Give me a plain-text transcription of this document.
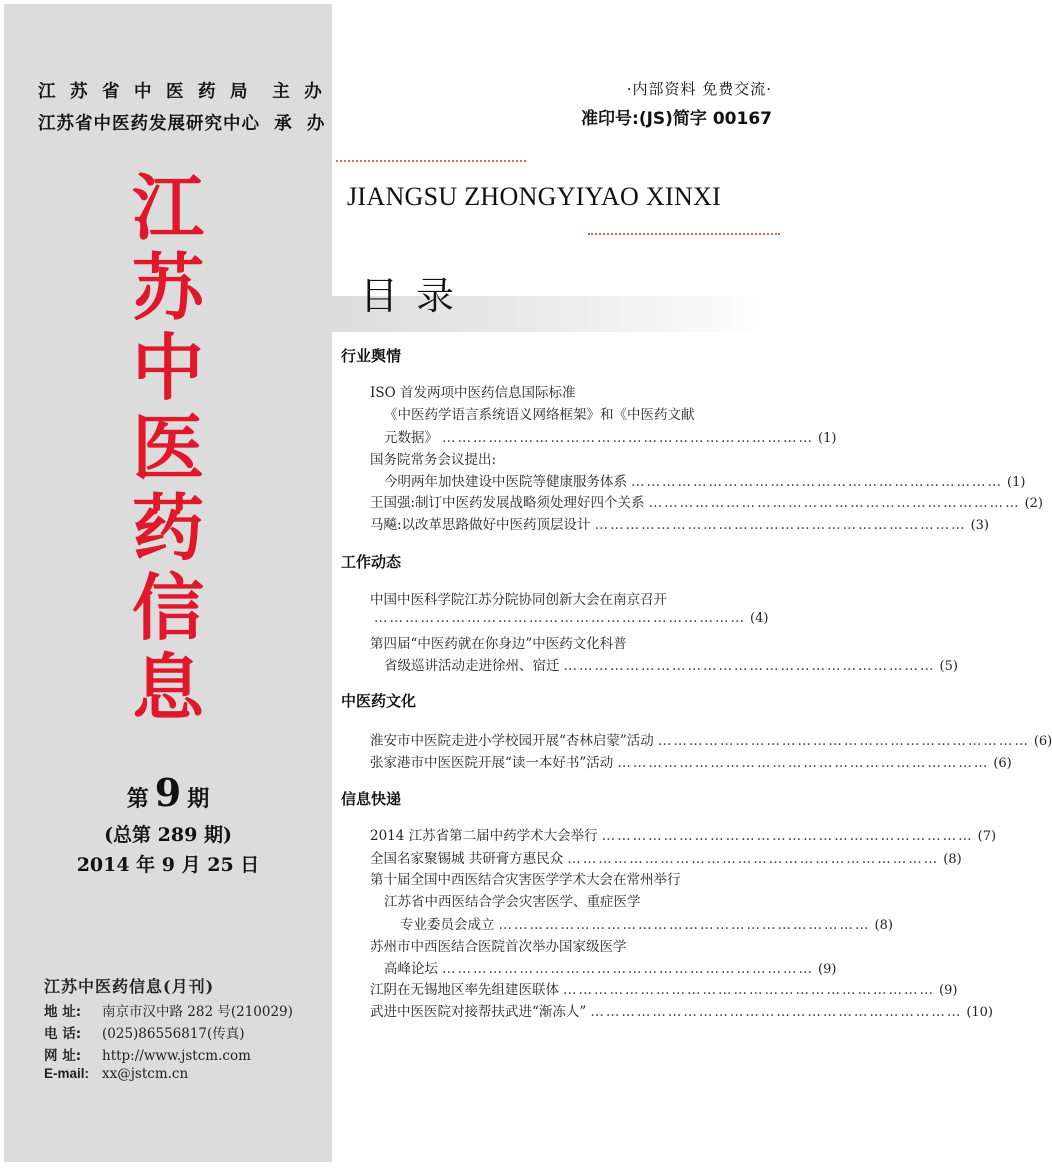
江 苏 省 中 医 药 局  主 办
江苏省中医药发展研究中心  承  办
江
苏
中
医
药
信
息
第 9 期
(总第 289 期)
2014 年 9 月 25 日
江苏中医药信息(月刊)
地 址: 南京市汉中路 282 号(210029)
电 话: (025)86556817(传真)
网 址: http://www.jstcm.com
E-mail: xx@jstcm.cn
·内部资料 免费交流·
准印号:(JS)简字 00167
JIANGSU ZHONGYIYAO XINXI
目录
行业舆情
工作动态
中医药文化
信息快递
ISO 首发两项中医药信息国际标准
《中医药学语言系统语义网络框架》和《中医药文献
元数据》 ……………………………………………………………… (1)
国务院常务会议提出:
今明两年加快建设中医院等健康服务体系 ……………………………………………………………… (1)
王国强:制订中医药发展战略须处理好四个关系 ……………………………………………………………… (2)
马飚:以改革思路做好中医药顶层设计 ……………………………………………………………… (3)
中国中医科学院江苏分院协同创新大会在南京召开
……………………………………………………………… (4)
第四届“中医药就在你身边”中医药文化科普
省级巡讲活动走进徐州、宿迁 ……………………………………………………………… (5)
淮安市中医院走进小学校园开展“杏林启蒙”活动 ……………………………………………………………… (6)
张家港市中医医院开展“读一本好书”活动 ……………………………………………………………… (6)
2014 江苏省第二届中药学术大会举行 ……………………………………………………………… (7)
全国名家聚锡城 共研膏方惠民众 ……………………………………………………………… (8)
第十届全国中西医结合灾害医学学术大会在常州举行
江苏省中西医结合学会灾害医学、重症医学
专业委员会成立 ……………………………………………………………… (8)
苏州市中西医结合医院首次举办国家级医学
高峰论坛 ……………………………………………………………… (9)
江阴在无锡地区率先组建医联体 ……………………………………………………………… (9)
武进中医医院对接帮扶武进“渐冻人” ……………………………………………………………… (10)
